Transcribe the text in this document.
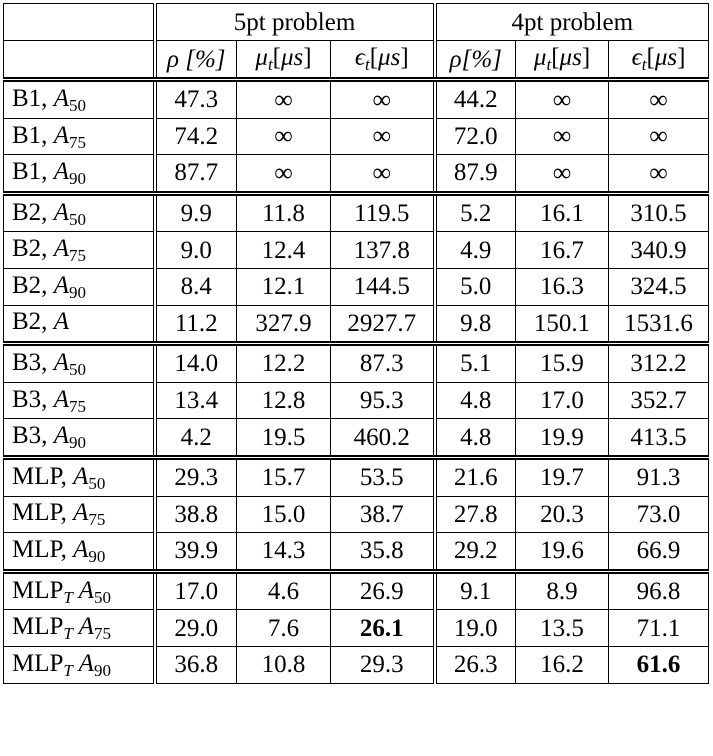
	5pt problem			4pt problem		
	ρ [%]	μt[μs]	ϵt[μs]	ρ[%]	μt[μs]	ϵt[μs]
B1, $A_{50}$	47.3	∞	∞	44.2	∞	∞
B1, $A_{75}$	74.2	∞	∞	72.0	∞	∞
B1, $A_{90}$	87.7	∞	∞	87.9	∞	∞
B2, $A_{50}$	9.9	11.8	119.5	5.2	16.1	310.5
B2, $A_{75}$	9.0	12.4	137.8	4.9	16.7	340.9
B2, $A_{90}$	8.4	12.1	144.5	5.0	16.3	324.5
B2, A	11.2	327.9	2927.7	9.8	150.1	1531.6
B3, $A_{50}$	14.0	12.2	87.3	5.1	15.9	312.2
B3, $A_{75}$	13.4	12.8	95.3	4.8	17.0	352.7
B3, $A_{90}$	4.2	19.5	460.2	4.8	19.9	413.5
MLP, $A_{50}$	29.3	15.7	53.5	21.6	19.7	91.3
MLP, $A_{75}$	38.8	15.0	38.7	27.8	20.3	73.0
MLP, $A_{90}$	39.9	14.3	35.8	29.2	19.6	66.9
MLPT $A_{50}$	17.0	4.6	26.9	9.1	8.9	96.8
MLPT $A_{75}$	29.0	7.6	26.1	19.0	13.5	71.1
MLPT $A_{90}$	36.8	10.8	29.3	26.3	16.2	61.6
